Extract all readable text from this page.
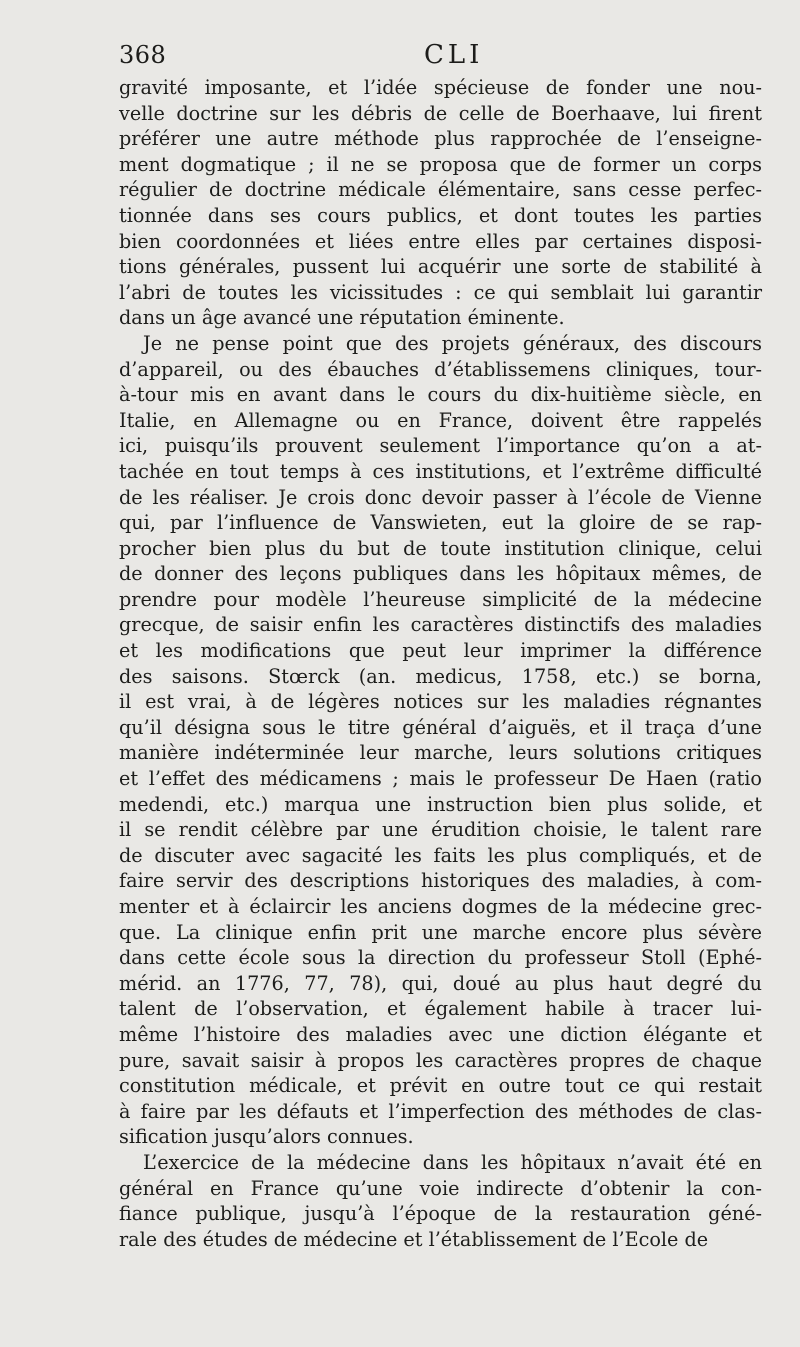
368	CLI
gravité imposante, et l’idée spécieuse de fonder une nou-
velle doctrine sur les débris de celle de Boerhaave, lui firent
préférer une autre méthode plus rapprochée de l’enseigne-
ment dogmatique ; il ne se proposa que de former un corps
régulier de doctrine médicale élémentaire, sans cesse perfec-
tionnée dans ses cours publics, et dont toutes les parties
bien coordonnées et liées entre elles par certaines disposi-
tions générales, pussent lui acquérir une sorte de stabilité à
l’abri de toutes les vicissitudes : ce qui semblait lui garantir
dans un âge avancé une réputation éminente.
Je ne pense point que des projets généraux, des discours
d’appareil, ou des ébauches d’établissemens cliniques, tour-
à-tour mis en avant dans le cours du dix-huitième siècle, en
Italie, en Allemagne ou en France, doivent être rappelés
ici, puisqu’ils prouvent seulement l’importance qu’on a at-
tachée en tout temps à ces institutions, et l’extrême difficulté
de les réaliser. Je crois donc devoir passer à l’école de Vienne
qui, par l’influence de Vanswieten, eut la gloire de se rap-
procher bien plus du but de toute institution clinique, celui
de donner des leçons publiques dans les hôpitaux mêmes, de
prendre pour modèle l’heureuse simplicité de la médecine
grecque, de saisir enfin les caractères distinctifs des maladies
et les modifications que peut leur imprimer la différence
des saisons. Stœrck (an. medicus, 1758, etc.) se borna,
il est vrai, à de légères notices sur les maladies régnantes
qu’il désigna sous le titre général d’aiguës, et il traça d’une
manière indéterminée leur marche, leurs solutions critiques
et l’effet des médicamens ; mais le professeur De Haen (ratio
medendi, etc.) marqua une instruction bien plus solide, et
il se rendit célèbre par une érudition choisie, le talent rare
de discuter avec sagacité les faits les plus compliqués, et de
faire servir des descriptions historiques des maladies, à com-
menter et à éclaircir les anciens dogmes de la médecine grec-
que. La clinique enfin prit une marche encore plus sévère
dans cette école sous la direction du professeur Stoll (Ephé-
mérid. an 1776, 77, 78), qui, doué au plus haut degré du
talent de l’observation, et également habile à tracer lui-
même l’histoire des maladies avec une diction élégante et
pure, savait saisir à propos les caractères propres de chaque
constitution médicale, et prévit en outre tout ce qui restait
à faire par les défauts et l’imperfection des méthodes de clas-
sification jusqu’alors connues.
L’exercice de la médecine dans les hôpitaux n’avait été en
général en France qu’une voie indirecte d’obtenir la con-
fiance publique, jusqu’à l’époque de la restauration géné-
rale des études de médecine et l’établissement de l’Ecole de
